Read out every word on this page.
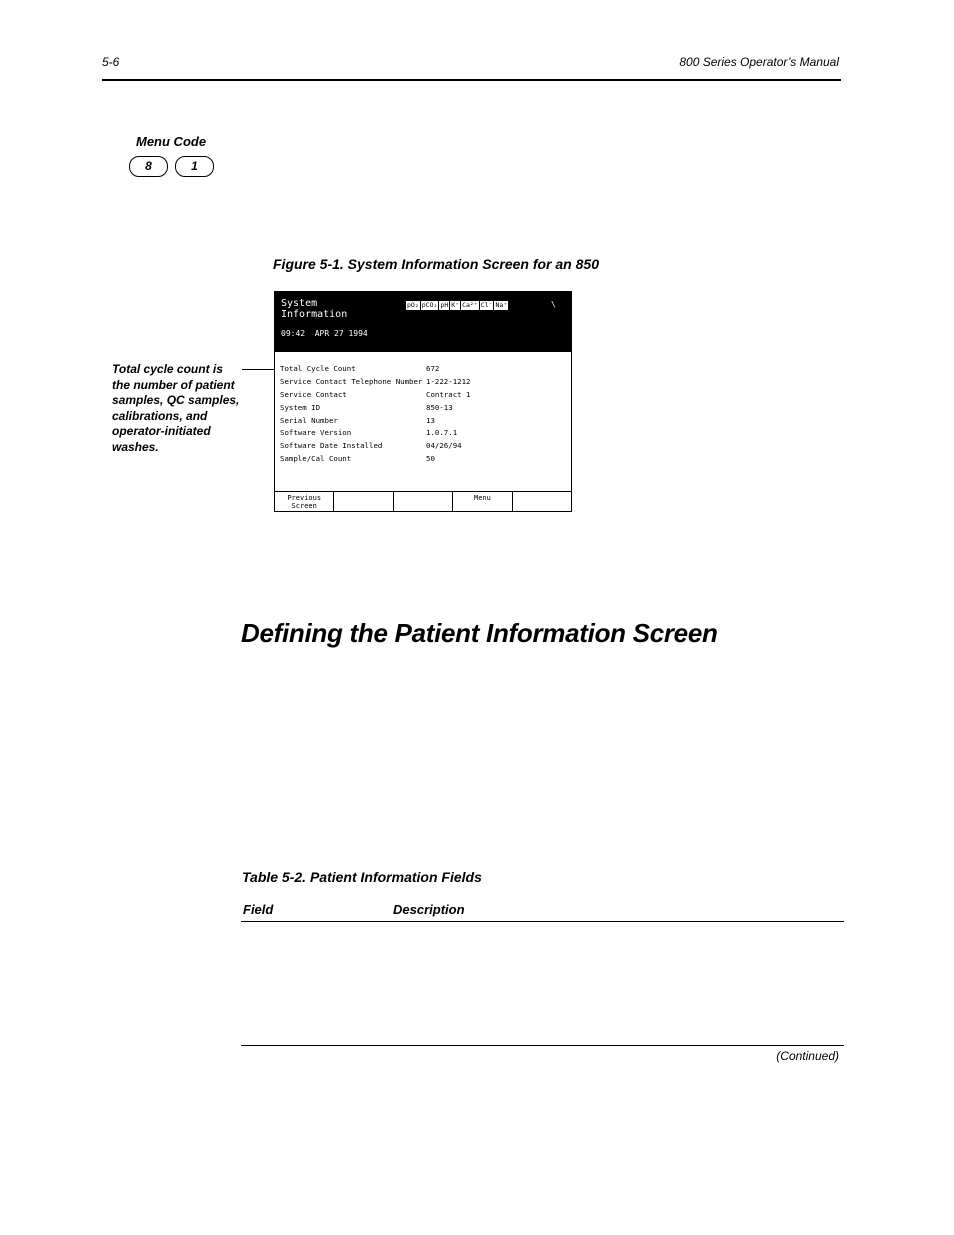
5-6	800 Series Operator’s Manual
Menu Code
8	1
Figure 5-1. System Information Screen for an 850
Total cycle count is the number of patient samples, QC samples, calibrations, and operator-initiated washes.
System
Information
pO₂ pCO₂ pH K⁺ Ca²⁺ Cl⁻ Na⁺	\
09:42 APR 27 1994
Total Cycle Count	672
Service Contact Telephone Number 1-222-1212
Service Contact	Contract 1
System ID	850-13
Serial Number	13
Software Version	1.0.7.1
Software Date Installed	04/26/94
Sample/Cal Count	50
Previous
Screen
Menu
Defining the Patient Information Screen
Table 5-2. Patient Information Fields
Field	Description
(Continued)
